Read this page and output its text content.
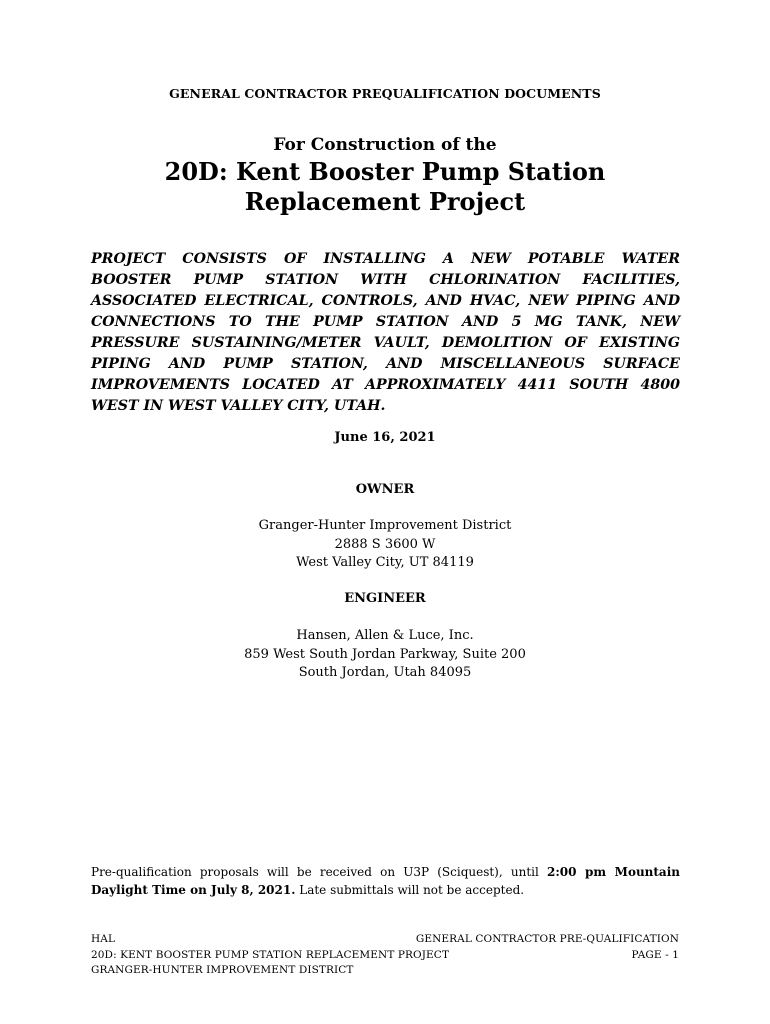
GENERAL CONTRACTOR PREQUALIFICATION DOCUMENTS
For Construction of the
20D: Kent Booster Pump Station Replacement Project
PROJECT CONSISTS OF INSTALLING A NEW POTABLE WATER BOOSTER PUMP STATION WITH CHLORINATION FACILITIES, ASSOCIATED ELECTRICAL, CONTROLS, AND HVAC, NEW PIPING AND CONNECTIONS TO THE PUMP STATION AND 5 MG TANK, NEW PRESSURE SUSTAINING/METER VAULT, DEMOLITION OF EXISTING PIPING AND PUMP STATION, AND MISCELLANEOUS SURFACE IMPROVEMENTS LOCATED AT APPROXIMATELY 4411 SOUTH 4800 WEST IN WEST VALLEY CITY, UTAH.
June 16, 2021
OWNER
Granger-Hunter Improvement District
2888 S 3600 W
West Valley City, UT 84119
ENGINEER
Hansen, Allen & Luce, Inc.
859 West South Jordan Parkway, Suite 200
South Jordan, Utah 84095
Pre-qualification proposals will be received on U3P (Sciquest), until 2:00 pm Mountain Daylight Time on July 8, 2021. Late submittals will not be accepted.
HAL
20D: KENT BOOSTER PUMP STATION REPLACEMENT PROJECT
GRANGER-HUNTER IMPROVEMENT DISTRICT
GENERAL CONTRACTOR PRE-QUALIFICATION
PAGE - 1
